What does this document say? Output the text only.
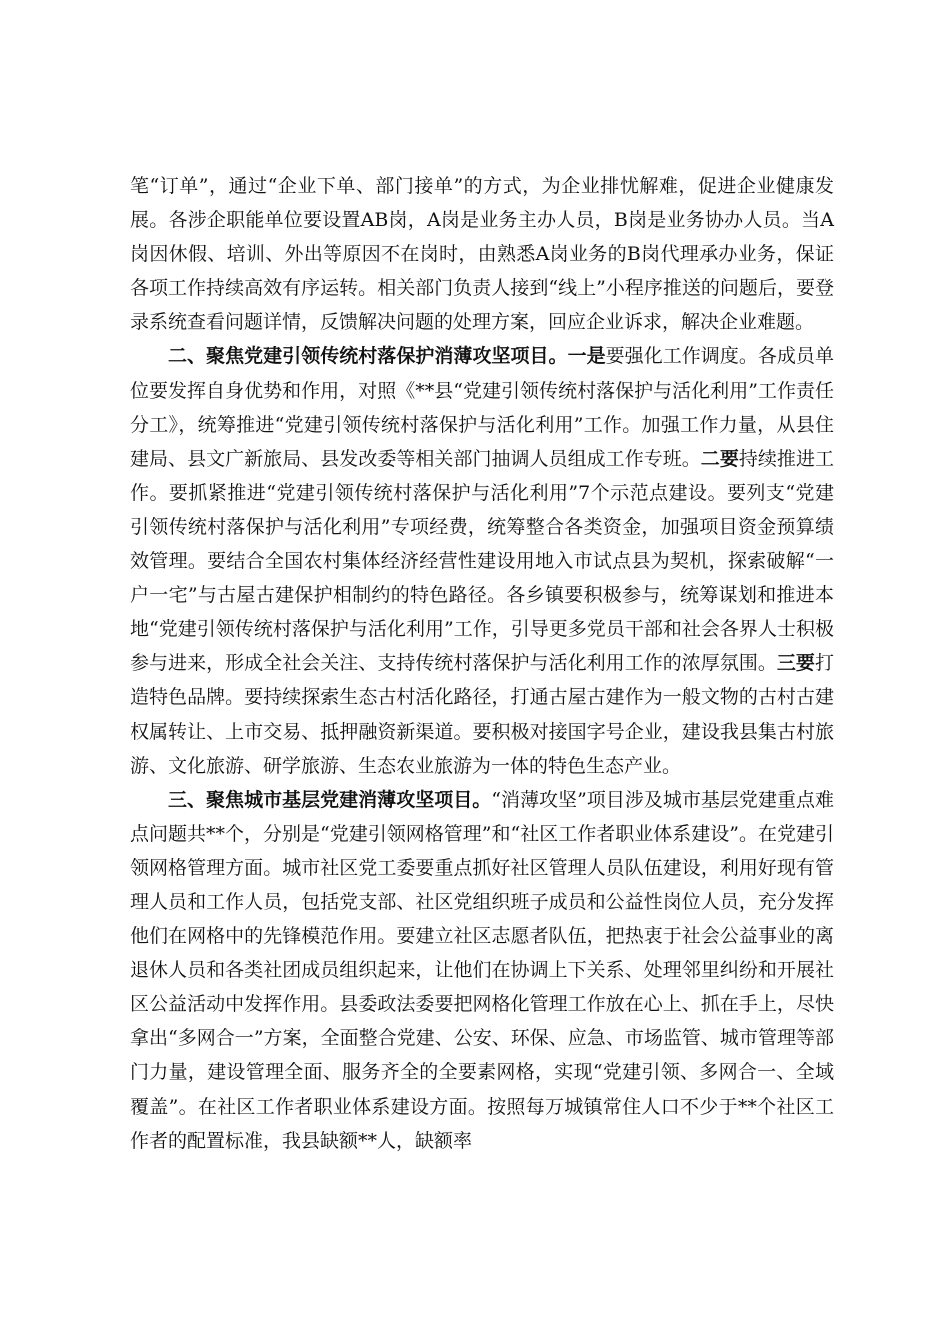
笔“订单”，通过“企业下单、部门接单”的方式，为企业排忧解难，促进企业健康发展。各涉企职能单位要设置AB岗，A岗是业务主办人员，B岗是业务协办人员。当A岗因休假、培训、外出等原因不在岗时，由熟悉A岗业务的B岗代理承办业务，保证各项工作持续高效有序运转。相关部门负责人接到“线上”小程序推送的问题后，要登录系统查看问题详情，反馈解决问题的处理方案，回应企业诉求，解决企业难题。

二、聚焦党建引领传统村落保护消薄攻坚项目。一是要强化工作调度。各成员单位要发挥自身优势和作用，对照《**县“党建引领传统村落保护与活化利用”工作责任分工》，统筹推进“党建引领传统村落保护与活化利用”工作。加强工作力量，从县住建局、县文广新旅局、县发改委等相关部门抽调人员组成工作专班。二要持续推进工作。要抓紧推进“党建引领传统村落保护与活化利用”7个示范点建设。要列支“党建引领传统村落保护与活化利用”专项经费，统筹整合各类资金，加强项目资金预算绩效管理。要结合全国农村集体经济经营性建设用地入市试点县为契机，探索破解“一户一宅”与古屋古建保护相制约的特色路径。各乡镇要积极参与，统筹谋划和推进本地“党建引领传统村落保护与活化利用”工作，引导更多党员干部和社会各界人士积极参与进来，形成全社会关注、支持传统村落保护与活化利用工作的浓厚氛围。三要打造特色品牌。要持续探索生态古村活化路径，打通古屋古建作为一般文物的古村古建权属转让、上市交易、抵押融资新渠道。要积极对接国字号企业，建设我县集古村旅游、文化旅游、研学旅游、生态农业旅游为一体的特色生态产业。

三、聚焦城市基层党建消薄攻坚项目。“消薄攻坚”项目涉及城市基层党建重点难点问题共**个，分别是“党建引领网格管理”和“社区工作者职业体系建设”。在党建引领网格管理方面。城市社区党工委要重点抓好社区管理人员队伍建设，利用好现有管理人员和工作人员，包括党支部、社区党组织班子成员和公益性岗位人员，充分发挥他们在网格中的先锋模范作用。要建立社区志愿者队伍，把热衷于社会公益事业的离退休人员和各类社团成员组织起来，让他们在协调上下关系、处理邻里纠纷和开展社区公益活动中发挥作用。县委政法委要把网格化管理工作放在心上、抓在手上，尽快拿出“多网合一”方案，全面整合党建、公安、环保、应急、市场监管、城市管理等部门力量，建设管理全面、服务齐全的全要素网格，实现“党建引领、多网合一、全域覆盖”。在社区工作者职业体系建设方面。按照每万城镇常住人口不少于**个社区工作者的配置标准，我县缺额**人，缺额率
